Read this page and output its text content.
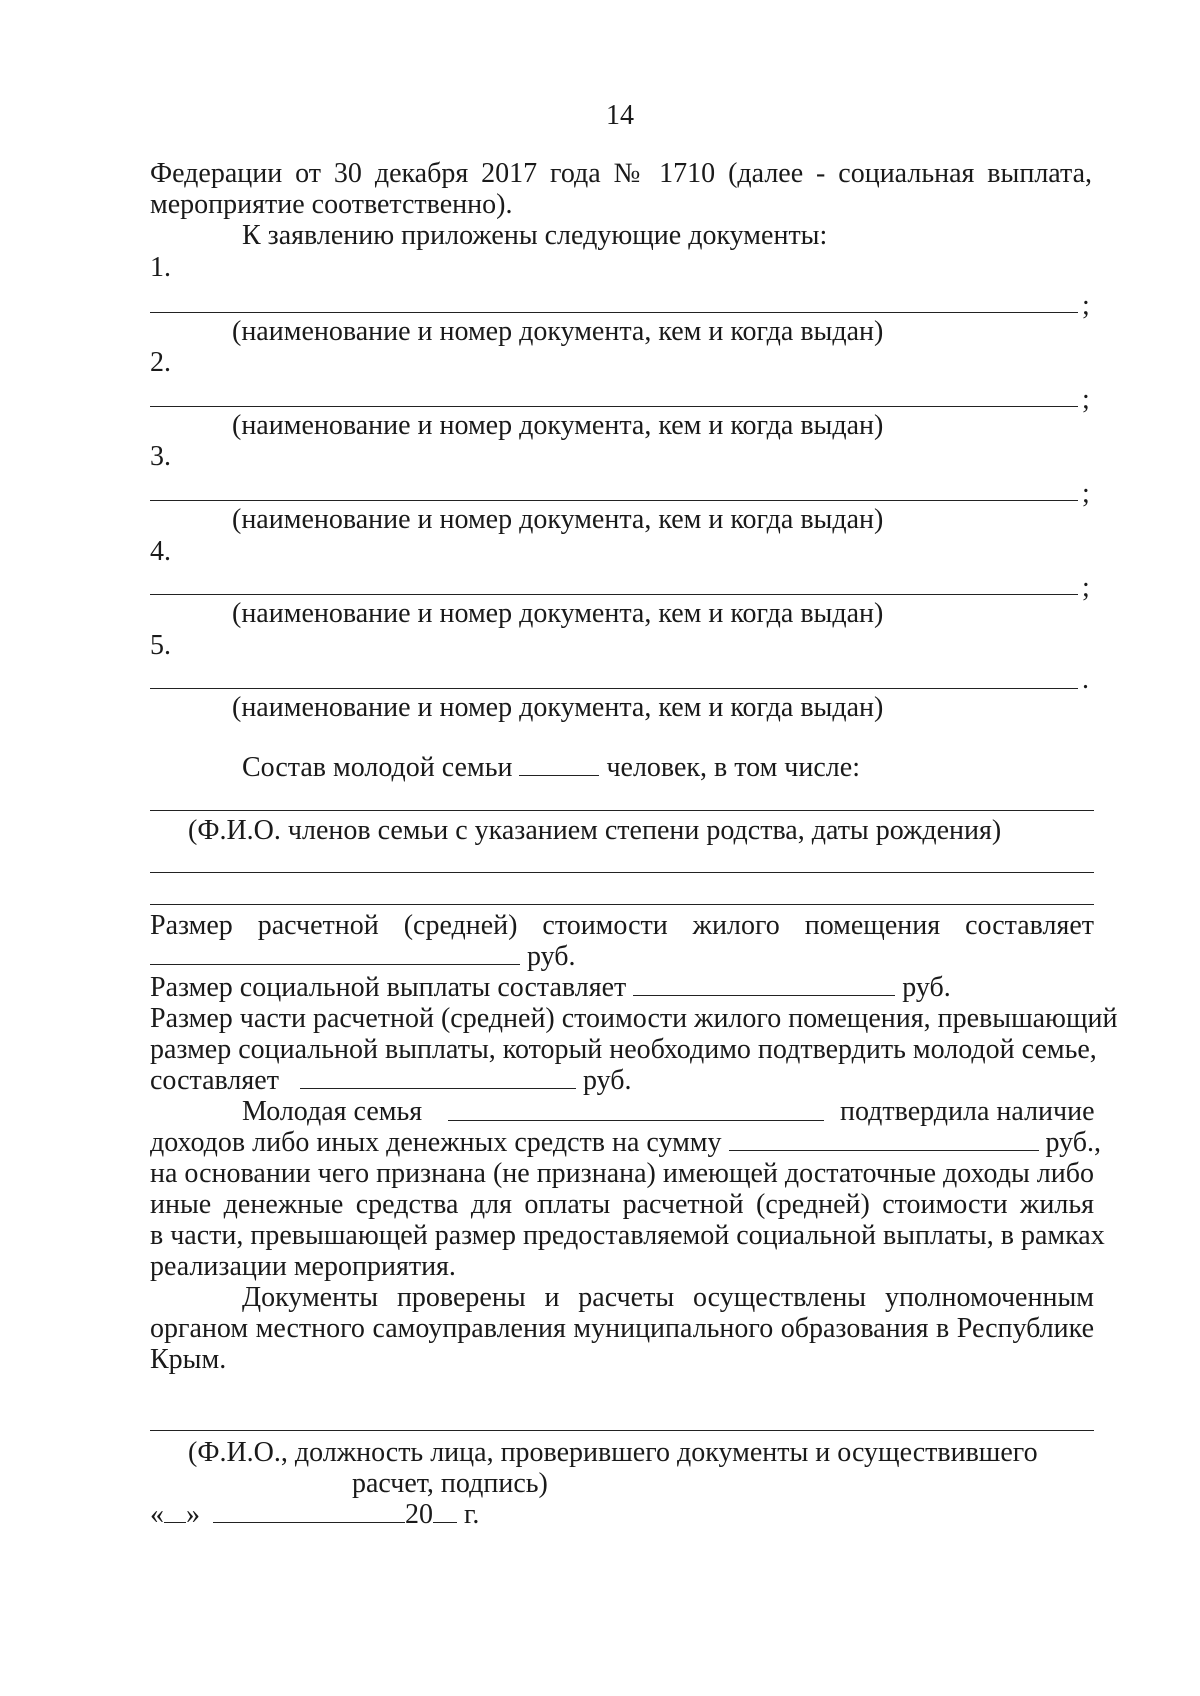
14
Федерации от 30 декабря 2017 года № 1710 (далее - социальная выплата,
мероприятие соответственно).
К заявлению приложены следующие документы:
1.
;
(наименование и номер документа, кем и когда выдан)
2.
;
(наименование и номер документа, кем и когда выдан)
3.
;
(наименование и номер документа, кем и когда выдан)
4.
;
(наименование и номер документа, кем и когда выдан)
5.
.
(наименование и номер документа, кем и когда выдан)
Состав молодой семьи	человек, в том числе:
(Ф.И.О. членов семьи с указанием степени родства, даты рождения)
Размер расчетной (средней) стоимости жилого помещения составляет
руб.
Размер социальной выплаты составляет	руб.
Размер части расчетной (средней) стоимости жилого помещения, превышающий
размер социальной выплаты, который необходимо подтвердить молодой семье,
составляет	руб.
Молодая семья	подтвердила наличие
доходов либо иных денежных средств на сумму	руб.,
на основании чего признана (не признана) имеющей достаточные доходы либо
иные денежные средства для оплаты расчетной (средней) стоимости жилья
в части, превышающей размер предоставляемой социальной выплаты, в рамках
реализации мероприятия.
Документы проверены и расчеты осуществлены уполномоченным
органом местного самоуправления муниципального образования в Республике
Крым.
(Ф.И.О., должность лица, проверившего документы и осуществившего
расчет, подпись)
« »	20 г.
